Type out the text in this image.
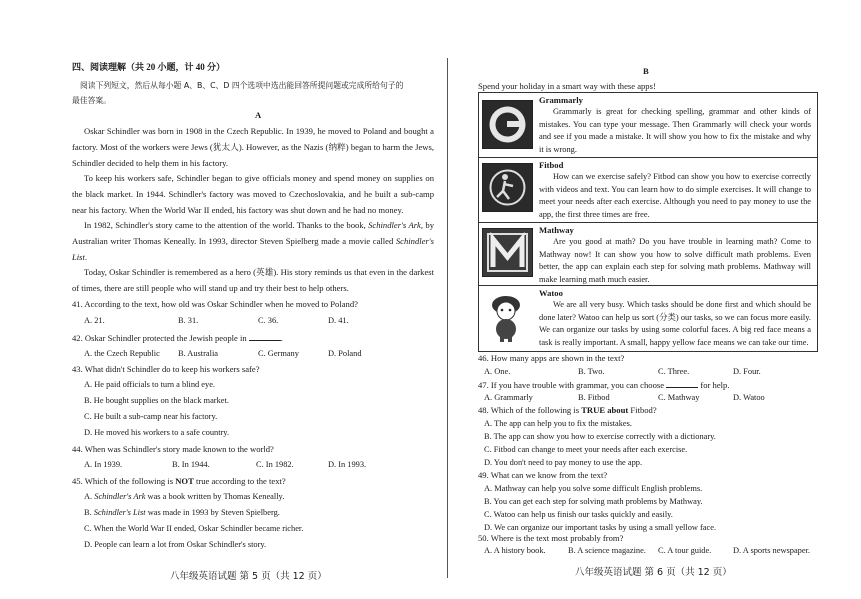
四、阅读理解（共 20 小题，计 40 分）
阅读下列短文，然后从每小题 A、B、C、D 四个选项中选出能回答所提问题或完成所给句子的
最佳答案。
A
Oskar Schindler was born in 1908 in the Czech Republic. In 1939, he moved to Poland and bought a factory. Most of the workers were Jews (犹太人). However, as the Nazis (纳粹) began to harm the Jews, Schindler decided to help them in his factory.
To keep his workers safe, Schindler began to give officials money and spend money on supplies on the black market. In 1944. Schindler's factory was moved to Czechoslovakia, and he built a sub-camp near his factory. When the World War II ended, his factory was shut down and he had no money.
In 1982, Schindler's story came to the attention of the world. Thanks to the book, Schindler's Ark, by Australian writer Thomas Keneally. In 1993, director Steven Spielberg made a movie called Schindler's List.
Today, Oskar Schindler is remembered as a hero (英雄). His story reminds us that even in the darkest of times, there are still people who will stand up and try their best to help others.
41. According to the text, how old was Oskar Schindler when he moved to Poland?
A. 21.	B. 31.	C. 36.	D. 41.
42. Oskar Schindler protected the Jewish people in	.
A. the Czech Republic B. Australia	C. Germany	D. Poland
43. What didn't Schindler do to keep his workers safe?
A. He paid officials to turn a blind eye.
B. He bought supplies on the black market.
C. He built a sub-camp near his factory.
D. He moved his workers to a safe country.
44. When was Schindler's story made known to the world?
A. In 1939.	B. In 1944.	C. In 1982.	D. In 1993.
45. Which of the following is NOT true according to the text?
A. Schindler's Ark was a book written by Thomas Keneally.
B. Schindler's List was made in 1993 by Steven Spielberg.
C. When the World War II ended, Oskar Schindler became richer.
D. People can learn a lot from Oskar Schindler's story.
八年级英语试题 第 5 页（共 12 页）
B
Spend your holiday in a smart way with these apps!
Grammarly
Grammarly is great for checking spelling, grammar and other kinds of mistakes. You can type your message. Then Grammarly will check your words and see if you made a mistake. It will show you how to fix the mistake and why it is wrong.
Fitbod
How can we exercise safely? Fitbod can show you how to exercise correctly with videos and text. You can learn how to do simple exercises. It will change to meet your needs after each exercise. Although you need to pay money to use the app, the first three times are free.
Mathway
Are you good at math? Do you have trouble in learning math? Come to Mathway now! It can show you how to solve difficult math problems. Even better, the app can explain each step for solving math problems. Mathway will make learning math much easier.
Watoo
We are all very busy. Which tasks should be done first and which should be done later? Watoo can help us sort (分类) our tasks, so we can focus more easily. We can organize our tasks by using some colorful faces. A big red face means a task is really important. A small, happy yellow face means we can take our time.
46. How many apps are shown in the text?
A. One.	B. Two.	C. Three.	D. Four.
47. If you have trouble with grammar, you can choose	for help.
A. Grammarly	B. Fitbod	C. Mathway	D. Watoo
48. Which of the following is TRUE about Fitbod?
A. The app can help you to fix the mistakes.
B. The app can show you how to exercise correctly with a dictionary.
C. Fitbod can change to meet your needs after each exercise.
D. You don't need to pay money to use the app.
49. What can we know from the text?
A. Mathway can help you solve some difficult English problems.
B. You can get each step for solving math problems by Mathway.
C. Watoo can help us finish our tasks quickly and easily.
D. We can organize our important tasks by using a small yellow face.
50. Where is the text most probably from?
A. A history book.	B. A science magazine. C. A tour guide.	D. A sports newspaper.
八年级英语试题 第 6 页（共 12 页）
